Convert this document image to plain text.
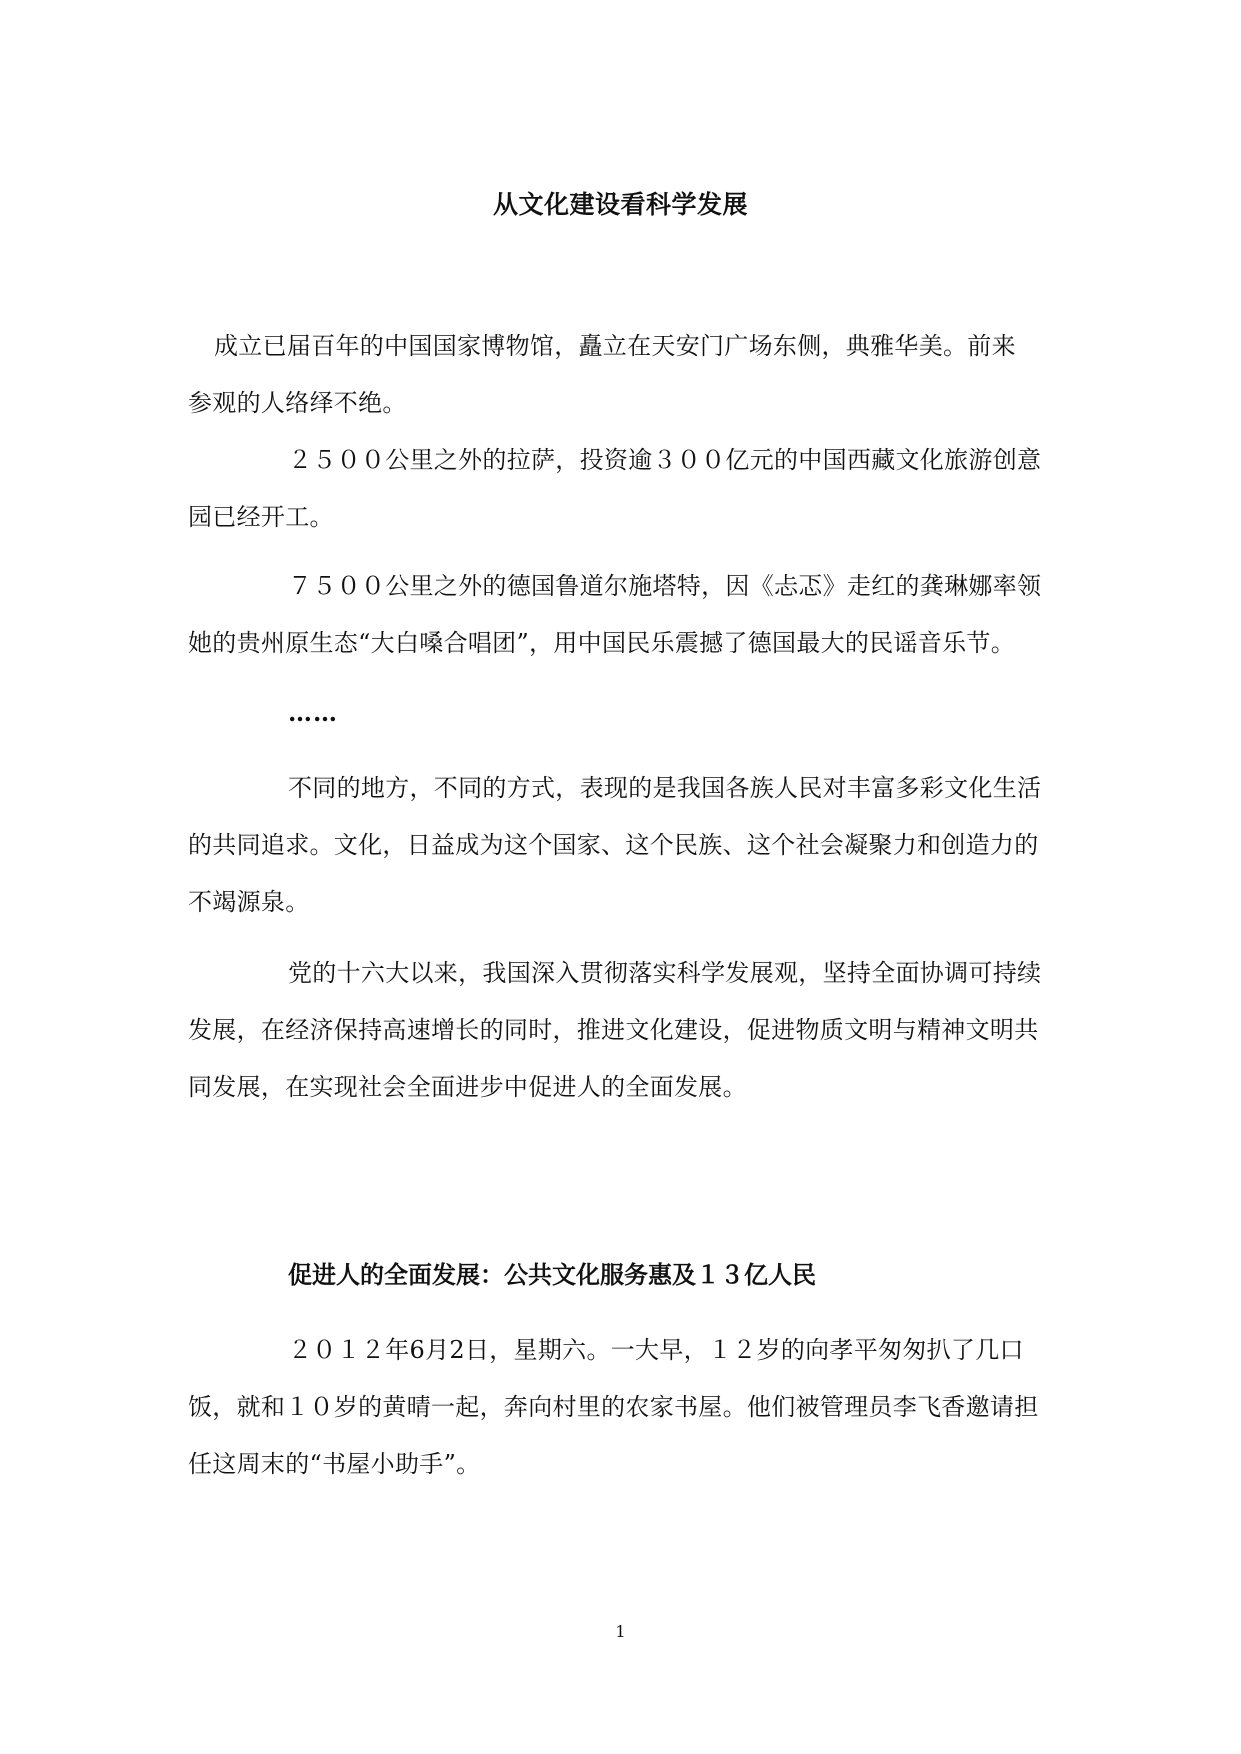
从文化建设看科学发展

成立已届百年的中国国家博物馆，矗立在天安门广场东侧，典雅华美。前来
参观的人络绎不绝。

２５００公里之外的拉萨，投资逾３００亿元的中国西藏文化旅游创意
园已经开工。

７５００公里之外的德国鲁道尔施塔特，因《忐忑》走红的龚琳娜率领
她的贵州原生态“大白嗓合唱团”，用中国民乐震撼了德国最大的民谣音乐节。

……

不同的地方，不同的方式，表现的是我国各族人民对丰富多彩文化生活
的共同追求。文化，日益成为这个国家、这个民族、这个社会凝聚力和创造力的
不竭源泉。

党的十六大以来，我国深入贯彻落实科学发展观，坚持全面协调可持续
发展，在经济保持高速增长的同时，推进文化建设，促进物质文明与精神文明共
同发展，在实现社会全面进步中促进人的全面发展。

促进人的全面发展：公共文化服务惠及１３亿人民

２０１２年6月2日，星期六。一大早，１２岁的向孝平匆匆扒了几口
饭，就和１０岁的黄晴一起，奔向村里的农家书屋。他们被管理员李飞香邀请担
任这周末的“书屋小助手”。

1
